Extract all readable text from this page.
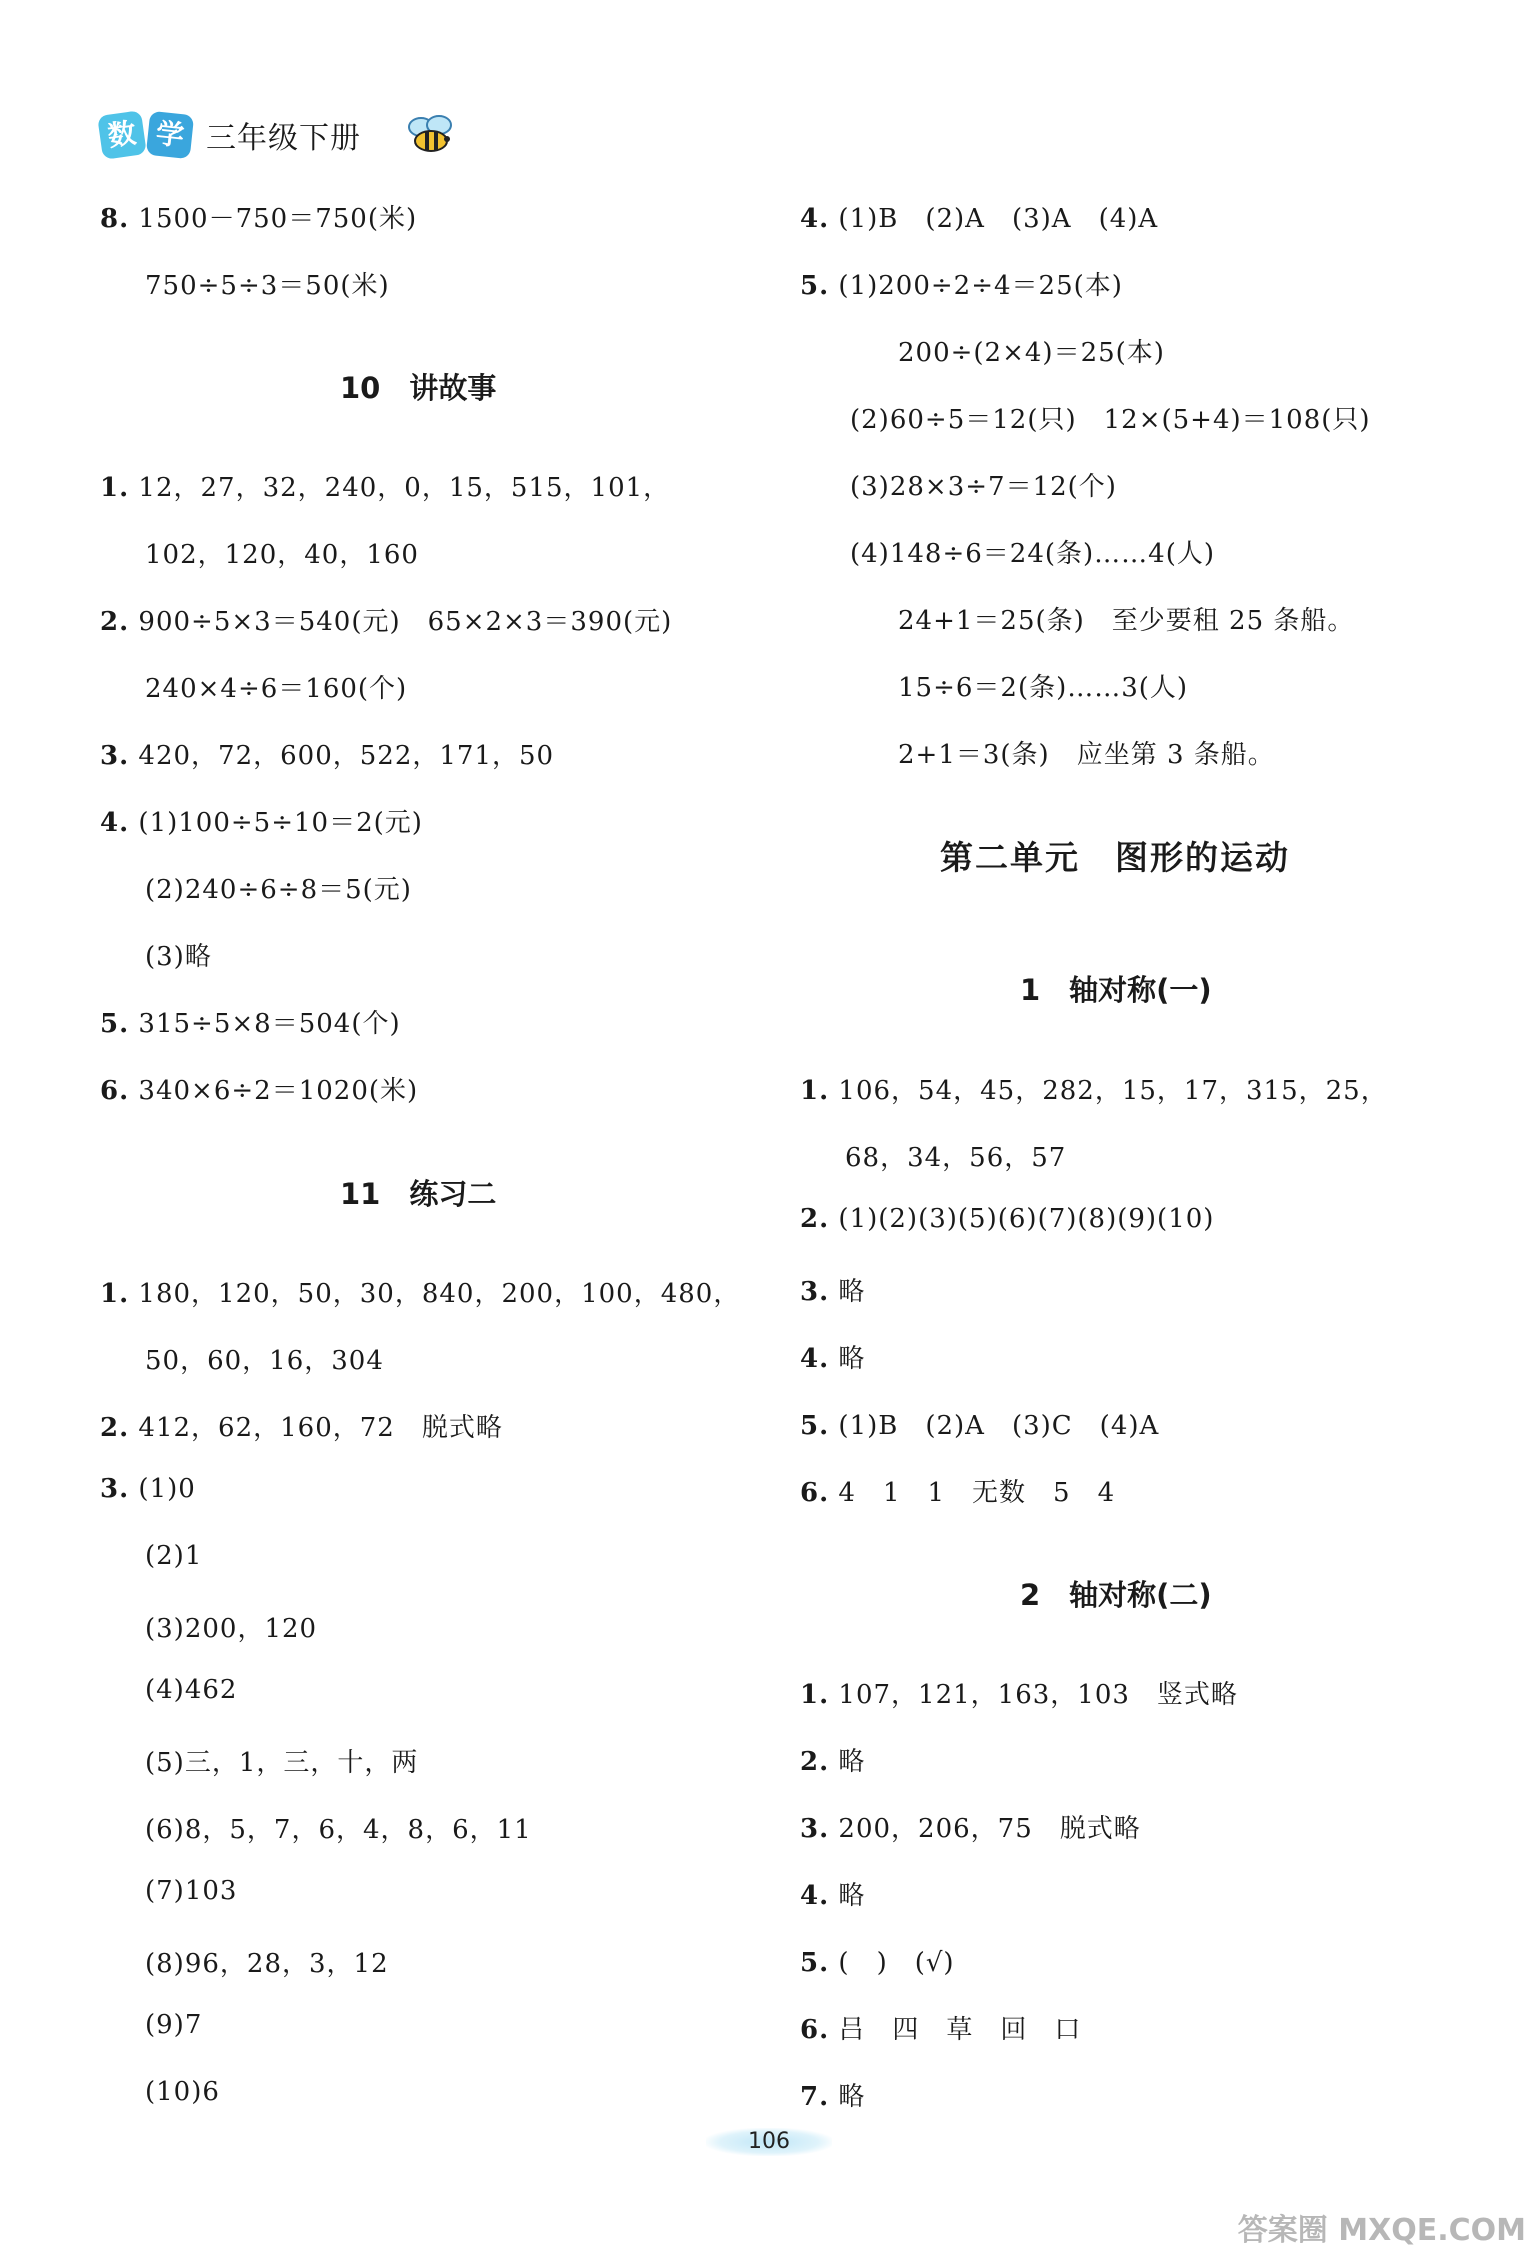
数 学 三年级下册
8. 1500－750＝750(米)
750÷5÷3＝50(米)
10　讲故事
1. 12，27，32，240，0，15，515，101，
102，120，40，160
2. 900÷5×3＝540(元)　65×2×3＝390(元)
240×4÷6＝160(个)
3. 420，72，600，522，171，50
4. (1)100÷5÷10＝2(元)
(2)240÷6÷8＝5(元)
(3)略
5. 315÷5×8＝504(个)
6. 340×6÷2＝1020(米)
11　练习二
1. 180，120，50，30，840，200，100，480，
50，60，16，304
2. 412，62，160，72　脱式略
3. (1)0
(2)1
(3)200，120
(4)462
(5)三，1，三，十，两
(6)8，5，7，6，4，8，6，11
(7)103
(8)96，28，3，12
(9)7
(10)6
4. (1)B　(2)A　(3)A　(4)A
5. (1)200÷2÷4＝25(本)
200÷(2×4)＝25(本)
(2)60÷5＝12(只)　12×(5+4)＝108(只)
(3)28×3÷7＝12(个)
(4)148÷6＝24(条)……4(人)
24+1＝25(条)　至少要租 25 条船。
15÷6＝2(条)……3(人)
2+1＝3(条)　应坐第 3 条船。
第二单元　图形的运动
1　轴对称(一)
1. 106，54，45，282，15，17，315，25，
68，34，56，57
2. (1)(2)(3)(5)(6)(7)(8)(9)(10)
3. 略
4. 略
5. (1)B　(2)A　(3)C　(4)A
6. 4　1　1　无数　5　4
2　轴对称(二)
1. 107，121，163，103　竖式略
2. 略
3. 200，206，75　脱式略
4. 略
5. (　)　(√)
6. 吕　四　草　回　口
7. 略
106
答案圈 MXQE.COM
